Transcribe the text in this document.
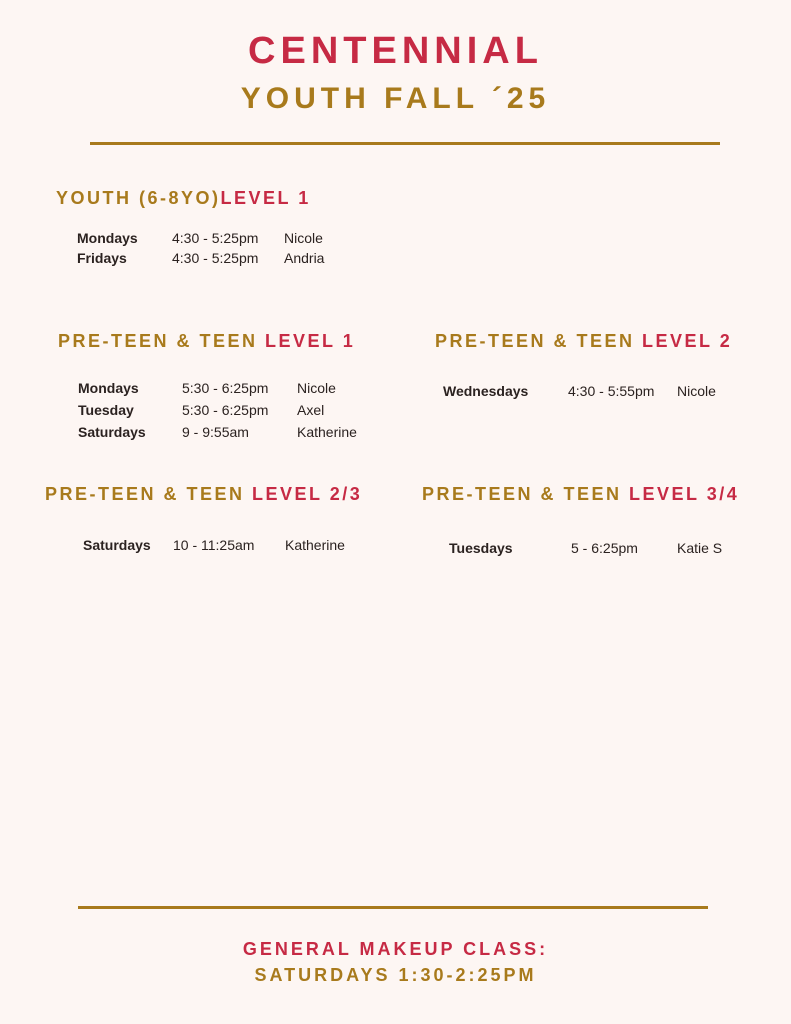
CENTENNIAL
YOUTH FALL ´25

YOUTH (6-8YO)LEVEL 1

Mondays 4:30 - 5:25pm Nicole
Fridays	4:30 - 5:25pm Andria

PRE-TEEN & TEEN LEVEL 1

Mondays	5:30 - 6:25pm Nicole
Tuesday	5:30 - 6:25pm Axel
Saturdays	9 - 9:55am	Katherine

PRE-TEEN & TEEN LEVEL 2

Wednesdays	4:30 - 5:55pm Nicole

PRE-TEEN & TEEN LEVEL 2/3

Saturdays 10 - 11:25am Katherine

PRE-TEEN & TEEN LEVEL 3/4

Tuesdays	5 - 6:25pm	Katie S

GENERAL MAKEUP CLASS:

SATURDAYS 1:30-2:25PM
